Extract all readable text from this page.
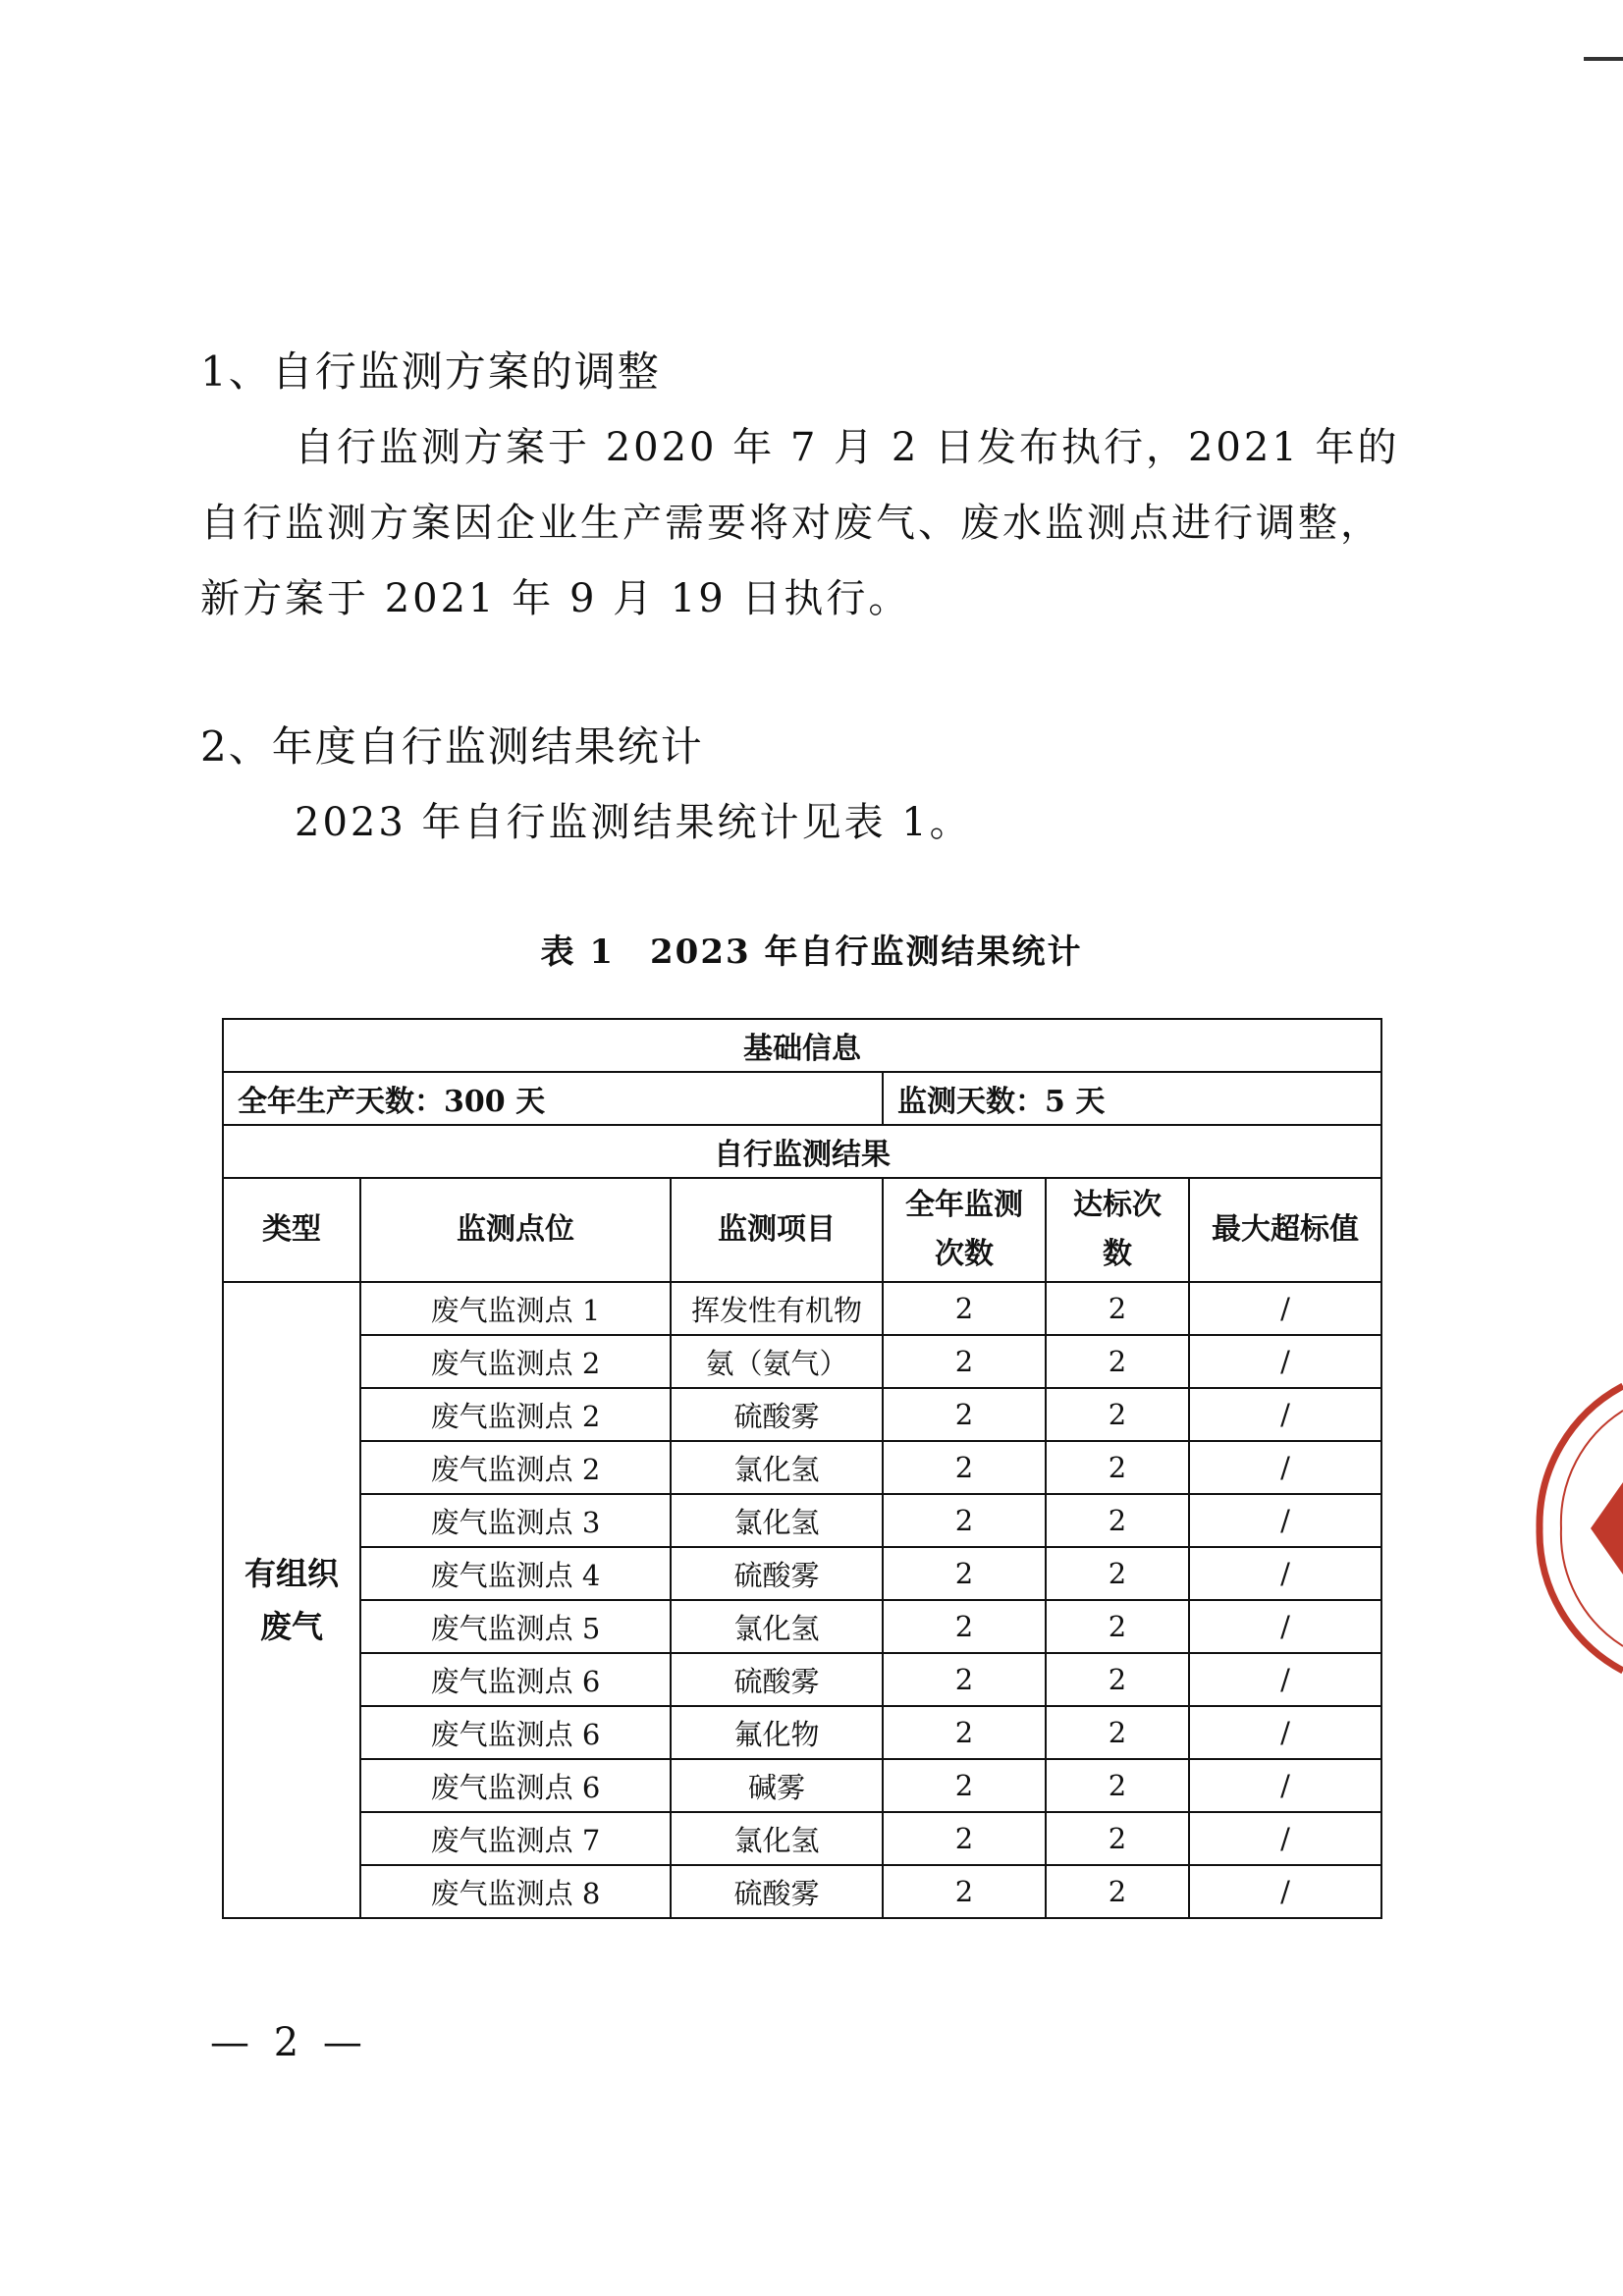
1、自行监测方案的调整
自行监测方案于 2020 年 7 月 2 日发布执行，2021 年的自行监测方案因企业生产需要将对废气、废水监测点进行调整，新方案于 2021 年 9 月 19 日执行。
2、年度自行监测结果统计
2023 年自行监测结果统计见表 1。
表 1　2023 年自行监测结果统计
基础信息					
全年生产天数：300 天			监测天数：5 天		
自行监测结果					
类型	监测点位	监测项目	全年监测次数	达标次数	最大超标值
有组织废气	废气监测点 1	挥发性有机物	2	2	/
	废气监测点 2	氨（氨气）	2	2	/
	废气监测点 2	硫酸雾	2	2	/
	废气监测点 2	氯化氢	2	2	/
	废气监测点 3	氯化氢	2	2	/
	废气监测点 4	硫酸雾	2	2	/
	废气监测点 5	氯化氢	2	2	/
	废气监测点 6	硫酸雾	2	2	/
	废气监测点 6	氟化物	2	2	/
	废气监测点 6	碱雾	2	2	/
	废气监测点 7	氯化氢	2	2	/
	废气监测点 8	硫酸雾	2	2	/
— 2 —
